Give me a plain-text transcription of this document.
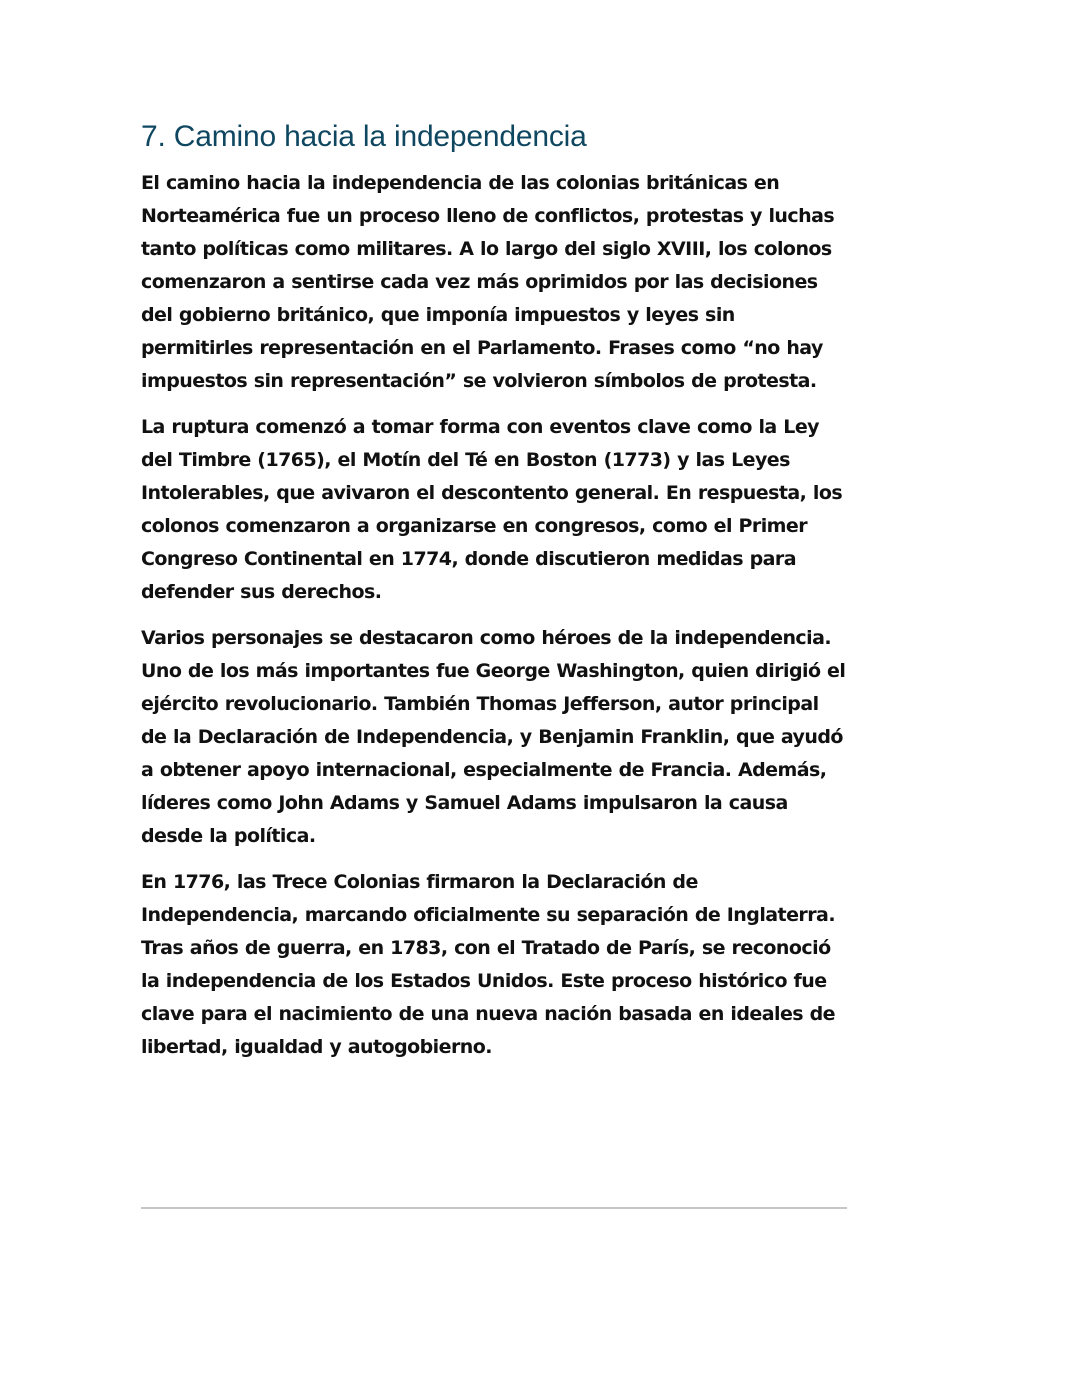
7. Camino hacia la independencia

El camino hacia la independencia de las colonias británicas en Norteamérica fue un proceso lleno de conflictos, protestas y luchas tanto políticas como militares. A lo largo del siglo XVIII, los colonos comenzaron a sentirse cada vez más oprimidos por las decisiones del gobierno británico, que imponía impuestos y leyes sin permitirles representación en el Parlamento. Frases como “no hay impuestos sin representación” se volvieron símbolos de protesta.

La ruptura comenzó a tomar forma con eventos clave como la Ley del Timbre (1765), el Motín del Té en Boston (1773) y las Leyes Intolerables, que avivaron el descontento general. En respuesta, los colonos comenzaron a organizarse en congresos, como el Primer Congreso Continental en 1774, donde discutieron medidas para defender sus derechos.

Varios personajes se destacaron como héroes de la independencia. Uno de los más importantes fue George Washington, quien dirigió el ejército revolucionario. También Thomas Jefferson, autor principal de la Declaración de Independencia, y Benjamin Franklin, que ayudó a obtener apoyo internacional, especialmente de Francia. Además, líderes como John Adams y Samuel Adams impulsaron la causa desde la política.

En 1776, las Trece Colonias firmaron la Declaración de Independencia, marcando oficialmente su separación de Inglaterra. Tras años de guerra, en 1783, con el Tratado de París, se reconoció la independencia de los Estados Unidos. Este proceso histórico fue clave para el nacimiento de una nueva nación basada en ideales de libertad, igualdad y autogobierno.
